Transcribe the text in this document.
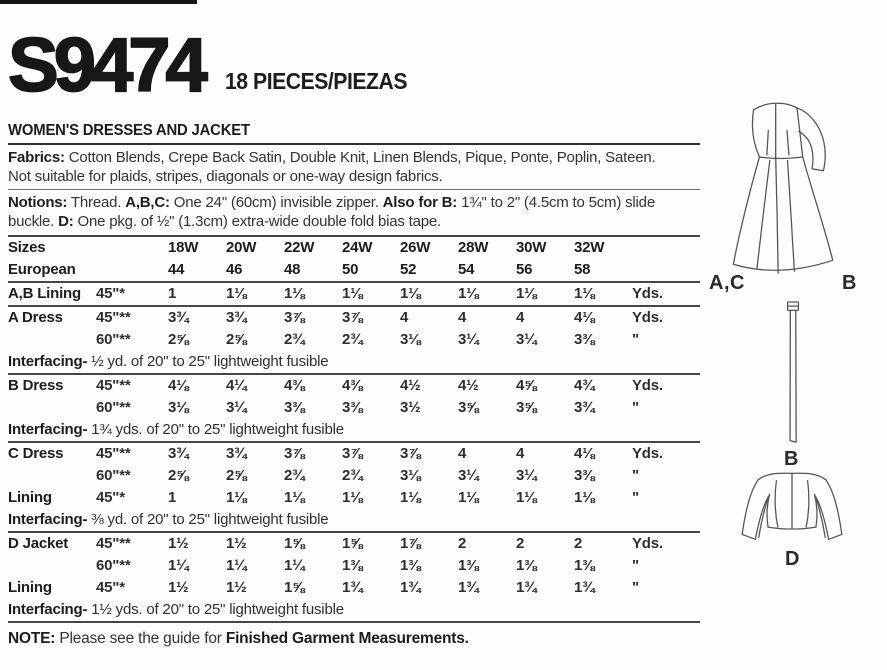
S9474 18 PIECES/PIEZAS
WOMEN'S DRESSES AND JACKET
Fabrics: Cotton Blends, Crepe Back Satin, Double Knit, Linen Blends, Pique, Ponte, Poplin, Sateen.
Not suitable for plaids, stripes, diagonals or one-way design fabrics.
Notions: Thread. A,B,C: One 24" (60cm) invisible zipper. Also for B: 1¾" to 2" (4.5cm to 5cm) slide
buckle. D: One pkg. of ½" (1.3cm) extra-wide double fold bias tape.
Sizes	18W	20W	22W	24W	26W	28W	30W	32W
European	44	46	48	50	52	54	56	58
A,B Lining	45"*	1	1⅛	1⅛	1⅛	1⅛	1⅛	1⅛	1⅛	Yds.
A Dress	45"**	3¾	3¾	3⅞	3⅞	4	4	4	4⅛	Yds.
60"**	2⅝	2⅝	2¾	2¾	3⅛	3¼	3¼	3⅜	"
Interfacing- ½ yd. of 20" to 25" lightweight fusible
B Dress	45"**	4⅛	4¼	4⅜	4⅜	4½	4½	4⅝	4¾	Yds.
60"**	3⅛	3¼	3⅜	3⅜	3½	3⅝	3⅝	3¾	"
Interfacing- 1¾ yds. of 20" to 25" lightweight fusible
C Dress	45"**	3¾	3¾	3⅞	3⅞	3⅞	4	4	4⅛	Yds.
60"**	2⅝	2⅝	2¾	2¾	3⅛	3¼	3¼	3⅜	"
Lining	45"*	1	1⅛	1⅛	1⅛	1⅛	1⅛	1⅛	1⅛	"
Interfacing- ⅜ yd. of 20" to 25" lightweight fusible
D Jacket	45"**	1½	1½	1⅝	1⅝	1⅞	2	2	2	Yds.
60"**	1¼	1¼	1¼	1⅜	1⅜	1⅜	1⅜	1⅜	"
Lining	45"*	1½	1½	1⅝	1¾	1¾	1¾	1¾	1¾	"
Interfacing- 1½ yds. of 20" to 25" lightweight fusible
NOTE: Please see the guide for Finished Garment Measurements.
A,C	B
B
D
